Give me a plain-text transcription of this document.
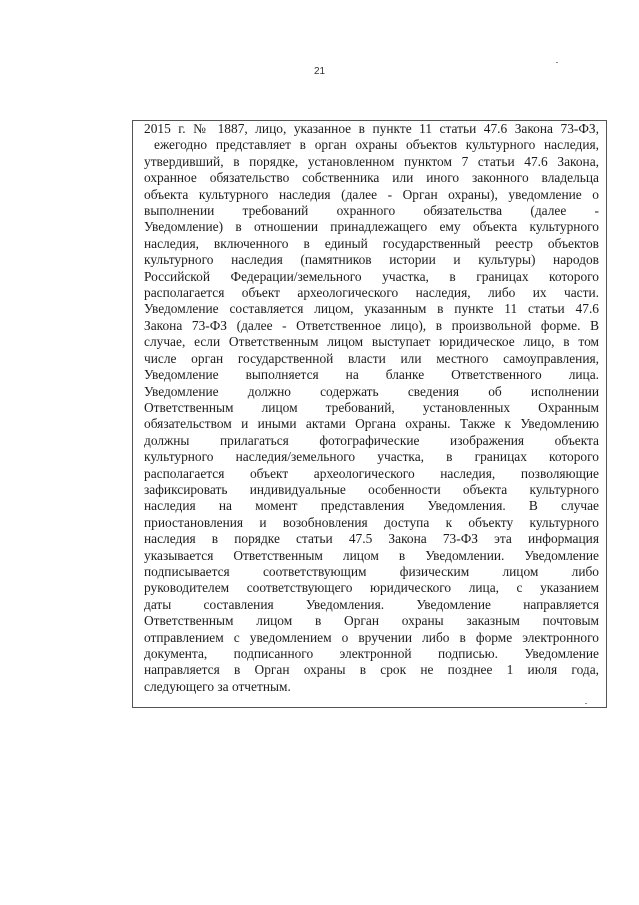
21
2015 г. № 1887, лицо, указанное в пункте 11 статьи 47.6 Закона 73-ФЗ,
ежегодно представляет в орган охраны объектов культурного наследия,
утвердивший, в порядке, установленном пунктом 7 статьи 47.6 Закона,
охранное обязательство собственника или иного законного владельца
объекта культурного наследия (далее - Орган охраны), уведомление о
выполнении требований охранного обязательства (далее -
Уведомление) в отношении принадлежащего ему объекта культурного
наследия, включенного в единый государственный реестр объектов
культурного наследия (памятников истории и культуры) народов
Российской Федерации/земельного участка, в границах которого
располагается объект археологического наследия, либо их части.
Уведомление составляется лицом, указанным в пункте 11 статьи 47.6
Закона 73-ФЗ (далее - Ответственное лицо), в произвольной форме. В
случае, если Ответственным лицом выступает юридическое лицо, в том
числе орган государственной власти или местного самоуправления,
Уведомление выполняется на бланке Ответственного лица.
Уведомление должно содержать сведения об исполнении
Ответственным лицом требований, установленных Охранным
обязательством и иными актами Органа охраны. Также к Уведомлению
должны прилагаться фотографические изображения объекта
культурного наследия/земельного участка, в границах которого
располагается объект археологического наследия, позволяющие
зафиксировать индивидуальные особенности объекта культурного
наследия на момент представления Уведомления. В случае
приостановления и возобновления доступа к объекту культурного
наследия в порядке статьи 47.5 Закона 73-ФЗ эта информация
указывается Ответственным лицом в Уведомлении. Уведомление
подписывается соответствующим физическим лицом либо
руководителем соответствующего юридического лица, с указанием
даты составления Уведомления. Уведомление направляется
Ответственным лицом в Орган охраны заказным почтовым
отправлением с уведомлением о вручении либо в форме электронного
документа, подписанного электронной подписью. Уведомление
направляется в Орган охраны в срок не позднее 1 июля года,
следующего за отчетным.
